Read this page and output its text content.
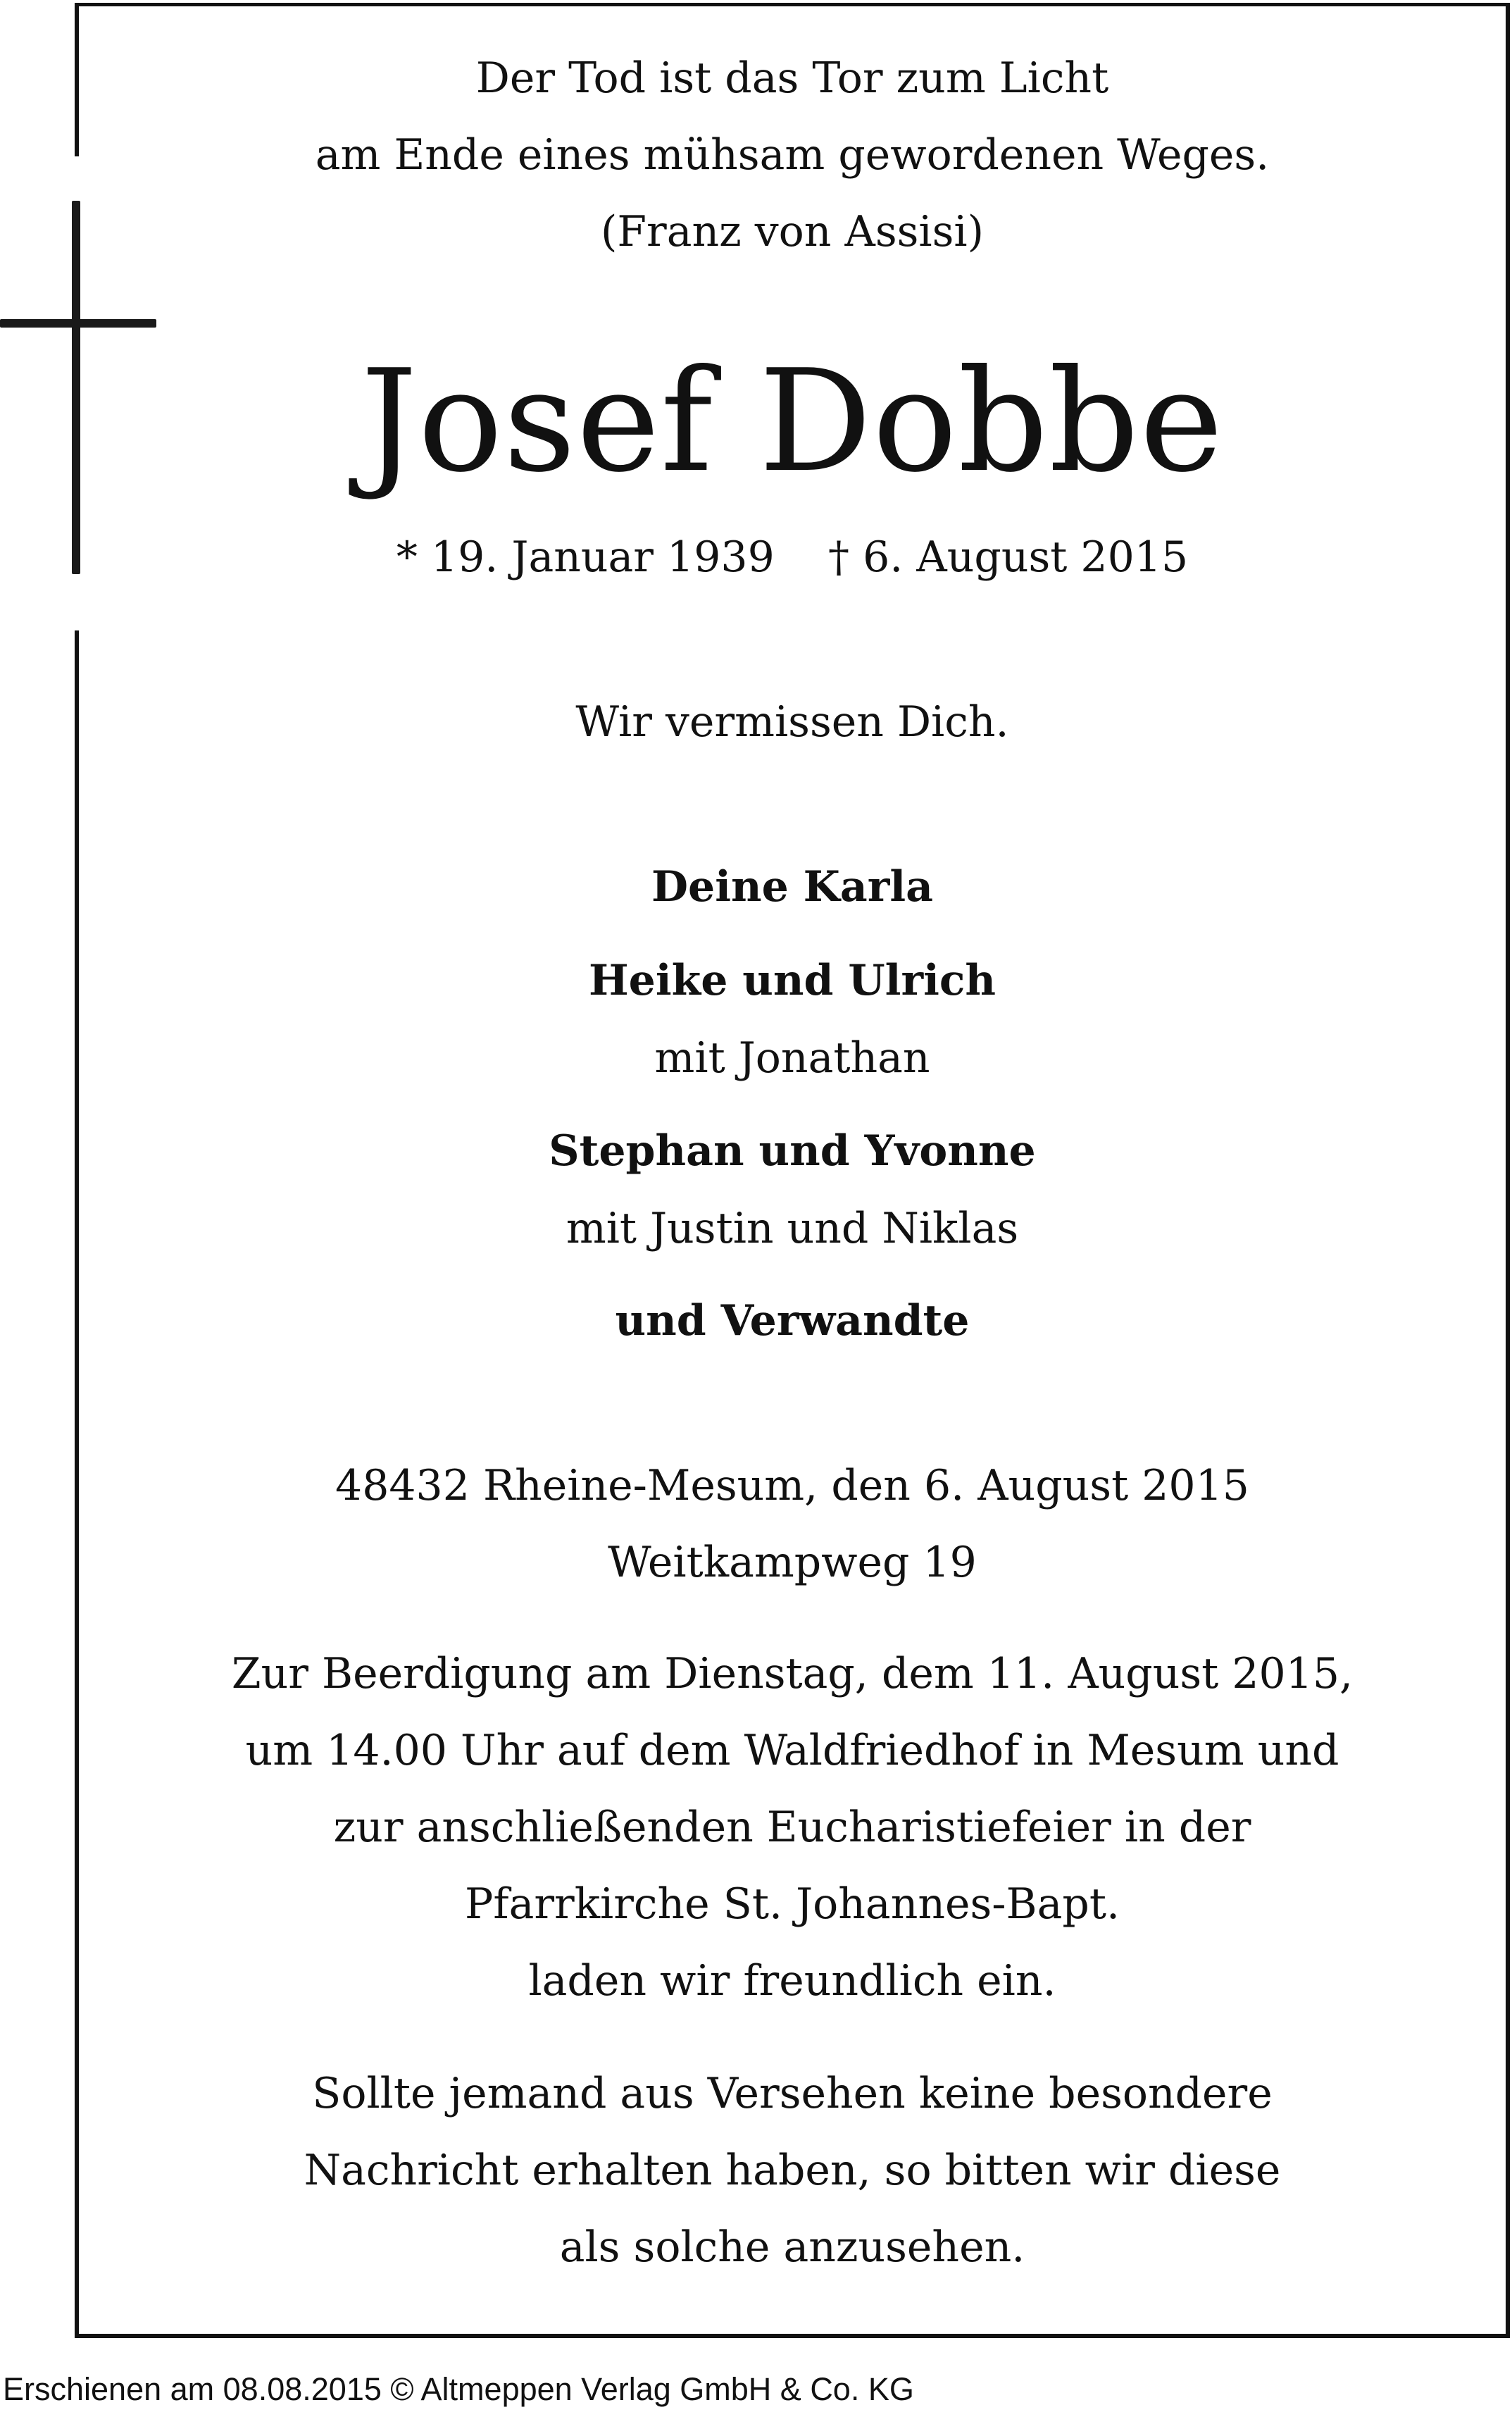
Der Tod ist das Tor zum Licht
am Ende eines mühsam gewordenen Weges.
(Franz von Assisi)
Josef Dobbe
* 19. Januar 1939    † 6. August 2015
Wir vermissen Dich.
Deine Karla
Heike und Ulrich
mit Jonathan
Stephan und Yvonne
mit Justin und Niklas
und Verwandte
48432 Rheine-Mesum, den 6. August 2015
Weitkampweg 19
Zur Beerdigung am Dienstag, dem 11. August 2015,
um 14.00 Uhr auf dem Waldfriedhof in Mesum und
zur anschließenden Eucharistiefeier in der
Pfarrkirche St. Johannes-Bapt.
laden wir freundlich ein.
Sollte jemand aus Versehen keine besondere
Nachricht erhalten haben, so bitten wir diese
als solche anzusehen.
Erschienen am 08.08.2015 © Altmeppen Verlag GmbH & Co. KG
